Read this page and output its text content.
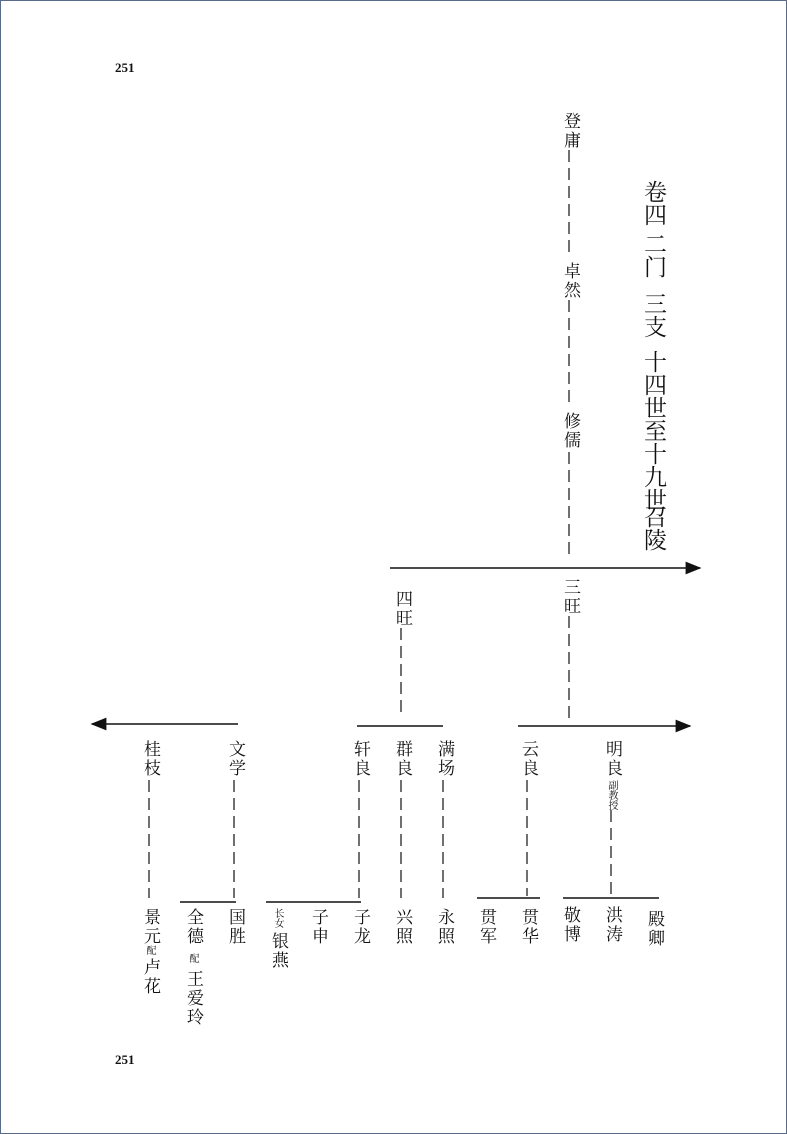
251
251
卷四
二门
三支
十四世至十九世
召陵
登庸
卓然
修儒
四旺	三旺
桂枝	文学	轩良 群良 满场	云良	明良
副教授
景元
配
卢花
全德
配
王爱玲
国胜	长女
银燕
子申 子龙 兴照 永照 贯军 贯华 敬博 洪涛 殿卿
